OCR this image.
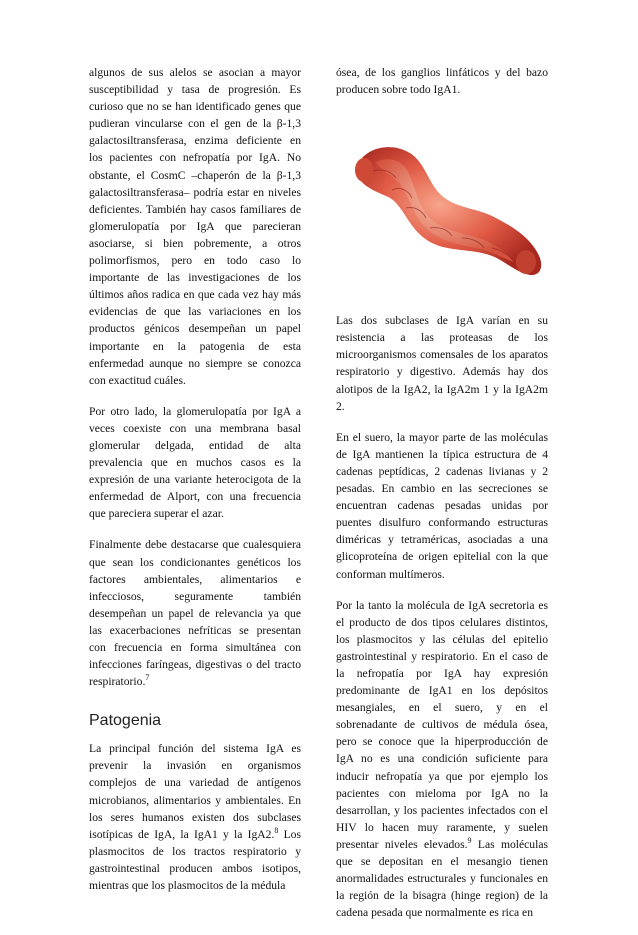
algunos de sus alelos se asocian a mayor susceptibilidad y tasa de progresión. Es curioso que no se han identificado genes que pudieran vincularse con el gen de la β-1,3 galactosiltransferasa, enzima deficiente en los pacientes con nefropatía por IgA. No obstante, el CosmC –chaperón de la β-1,3 galactosiltransferasa– podría estar en niveles deficientes. También hay casos familiares de glomerulopatía por IgA que parecieran asociarse, si bien pobremente, a otros polimorfismos, pero en todo caso lo importante de las investigaciones de los últimos años radica en que cada vez hay más evidencias de que las variaciones en los productos génicos desempeñan un papel importante en la patogenia de esta enfermedad aunque no siempre se conozca con exactitud cuáles.

Por otro lado, la glomerulopatía por IgA a veces coexiste con una membrana basal glomerular delgada, entidad de alta prevalencia que en muchos casos es la expresión de una variante heterocigota de la enfermedad de Alport, con una frecuencia que pareciera superar el azar.

Finalmente debe destacarse que cualesquiera que sean los condicionantes genéticos los factores ambientales, alimentarios e infecciosos, seguramente también desempeñan un papel de relevancia ya que las exacerbaciones nefríticas se presentan con frecuencia en forma simultánea con infecciones faríngeas, digestivas o del tracto respiratorio.$^7$

Patogenia

La principal función del sistema IgA es prevenir la invasión en organismos complejos de una variedad de antígenos microbianos, alimentarios y ambientales. En los seres humanos existen dos subclases isotípicas de IgA, la IgA1 y la IgA2.$^8$ Los plasmocitos de los tractos respiratorio y gastrointestinal producen ambos isotipos, mientras que los plasmocitos de la médula

ósea, de los ganglios linfáticos y del bazo producen sobre todo IgA1.

Las dos subclases de IgA varían en su resistencia a las proteasas de los microorganismos comensales de los aparatos respiratorio y digestivo. Además hay dos alotipos de la IgA2, la IgA2m 1 y la IgA2m 2.

En el suero, la mayor parte de las moléculas de IgA mantienen la típica estructura de 4 cadenas peptídicas, 2 cadenas livianas y 2 pesadas. En cambio en las secreciones se encuentran cadenas pesadas unidas por puentes disulfuro conformando estructuras diméricas y tetraméricas, asociadas a una glicoproteína de origen epitelial con la que conforman multímeros.

Por la tanto la molécula de IgA secretoria es el producto de dos tipos celulares distintos, los plasmocitos y las células del epitelio gastrointestinal y respiratorio. En el caso de la nefropatía por IgA hay expresión predominante de IgA1 en los depósitos mesangiales, en el suero, y en el sobrenadante de cultivos de médula ósea, pero se conoce que la hiperproducción de IgA no es una condición suficiente para inducir nefropatía ya que por ejemplo los pacientes con mieloma por IgA no la desarrollan, y los pacientes infectados con el HIV lo hacen muy raramente, y suelen presentar niveles elevados.$^9$ Las moléculas que se depositan en el mesangio tienen anormalidades estructurales y funcionales en la región de la bisagra (hinge region) de la cadena pesada que normalmente es rica en
